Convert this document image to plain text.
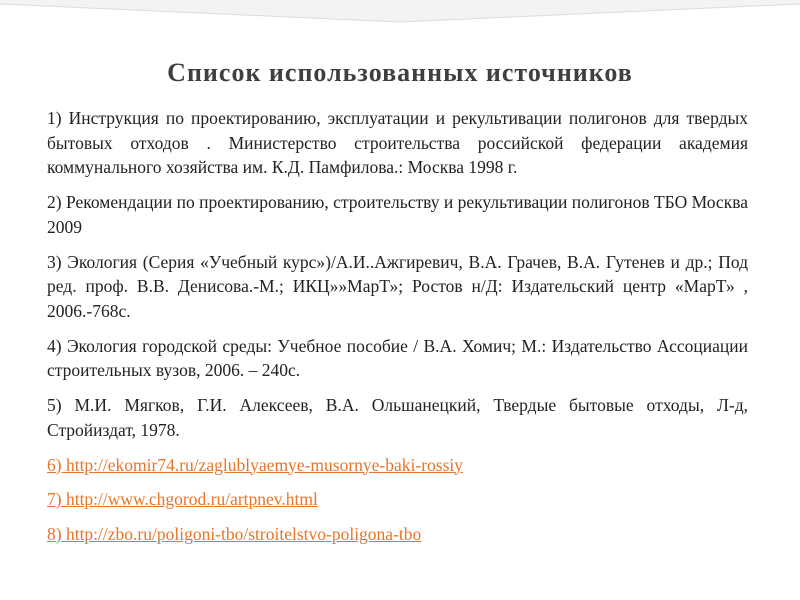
Список использованных источников

1) Инструкция по проектированию, эксплуатации и рекультивации полигонов для твердых бытовых отходов . Министерство строительства российской федерации академия коммунального хозяйства им. К.Д. Памфилова.: Москва 1998 г.

2) Рекомендации по проектированию, строительству и рекультивации полигонов ТБО Москва 2009

3) Экология (Серия «Учебный курс»)/А.И..Ажгиревич, В.А. Грачев, В.А. Гутенев и др.; Под ред. проф. В.В. Денисова.-М.; ИКЦ»»МарТ»; Ростов н/Д: Издательский центр «МарТ» , 2006.-768с.

4) Экология городской среды: Учебное пособие / В.А. Хомич; М.: Издательство Ассоциации строительных вузов, 2006. – 240с.

5) М.И. Мягков, Г.И. Алексеев, В.А. Ольшанецкий, Твердые бытовые отходы, Л-д, Стройиздат, 1978.

6) http://ekomir74.ru/zaglublyaemye-musornye-baki-rossiy

7) http://www.chgorod.ru/artpnev.html

8) http://zbo.ru/poligoni-tbo/stroitelstvo-poligona-tbo
